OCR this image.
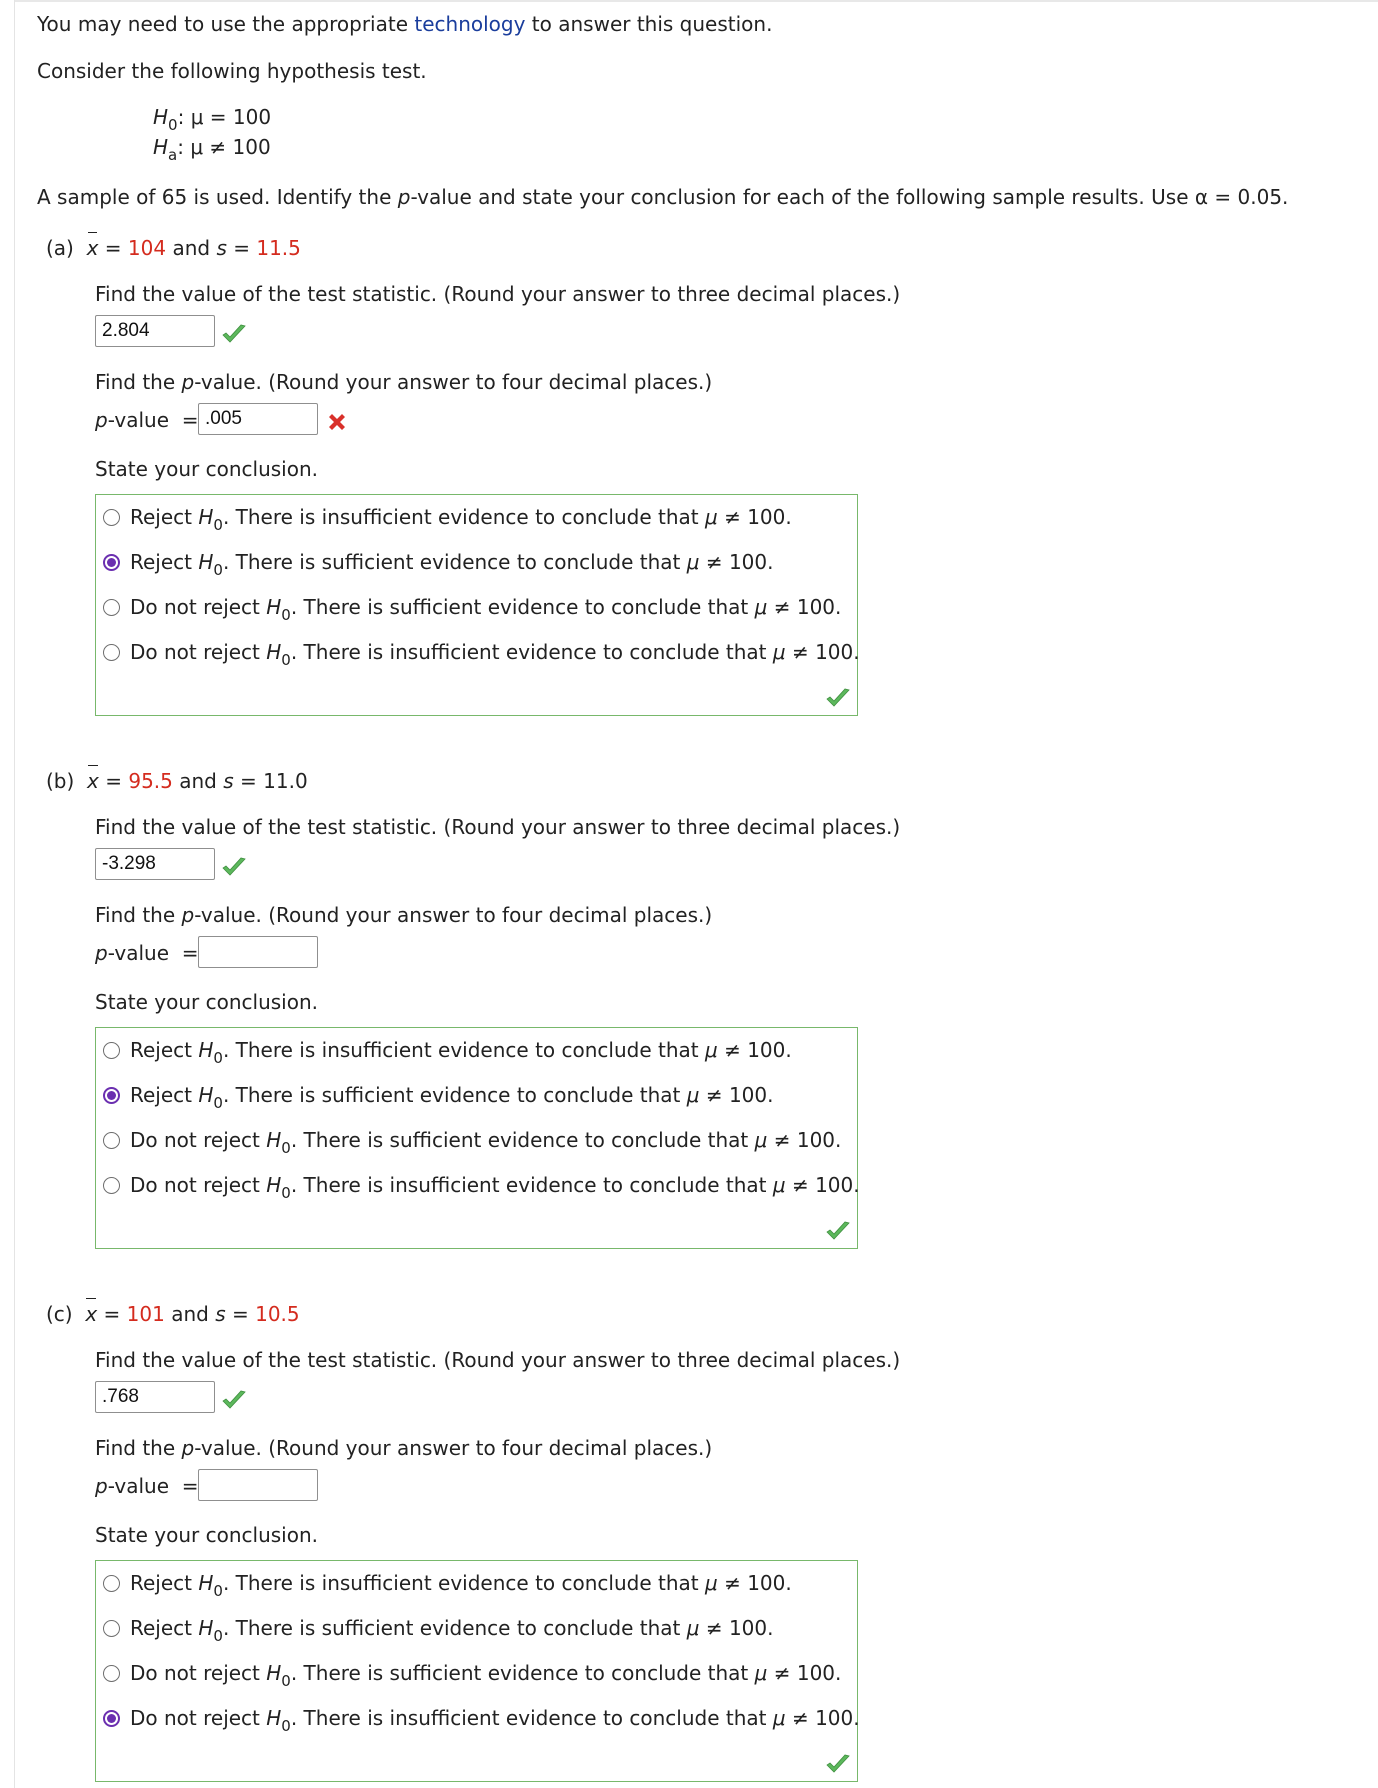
You may need to use the appropriate technology to answer this question.
Consider the following hypothesis test.
$H_0$: μ = 100
$H_a$: μ ≠ 100
A sample of 65 is used. Identify the p-value and state your conclusion for each of the following sample results. Use α = 0.05.
(a) x = 104 and s = 11.5
Find the value of the test statistic. (Round your answer to three decimal places.)
2.804
Find the p-value. (Round your answer to four decimal places.)
p-value  = .005
State your conclusion.
Reject $H_0$. There is insufficient evidence to conclude that μ ≠ 100.
Reject $H_0$. There is sufficient evidence to conclude that μ ≠ 100.
Do not reject $H_0$. There is sufficient evidence to conclude that μ ≠ 100.
Do not reject $H_0$. There is insufficient evidence to conclude that μ ≠ 100.
(b) x = 95.5 and s = 11.0
Find the value of the test statistic. (Round your answer to three decimal places.)
-3.298
Find the p-value. (Round your answer to four decimal places.)
p-value  =
State your conclusion.
Reject $H_0$. There is insufficient evidence to conclude that μ ≠ 100.
Reject $H_0$. There is sufficient evidence to conclude that μ ≠ 100.
Do not reject $H_0$. There is sufficient evidence to conclude that μ ≠ 100.
Do not reject $H_0$. There is insufficient evidence to conclude that μ ≠ 100.
(c) x = 101 and s = 10.5
Find the value of the test statistic. (Round your answer to three decimal places.)
.768
Find the p-value. (Round your answer to four decimal places.)
p-value  =
State your conclusion.
Reject $H_0$. There is insufficient evidence to conclude that μ ≠ 100.
Reject $H_0$. There is sufficient evidence to conclude that μ ≠ 100.
Do not reject $H_0$. There is sufficient evidence to conclude that μ ≠ 100.
Do not reject $H_0$. There is insufficient evidence to conclude that μ ≠ 100.
